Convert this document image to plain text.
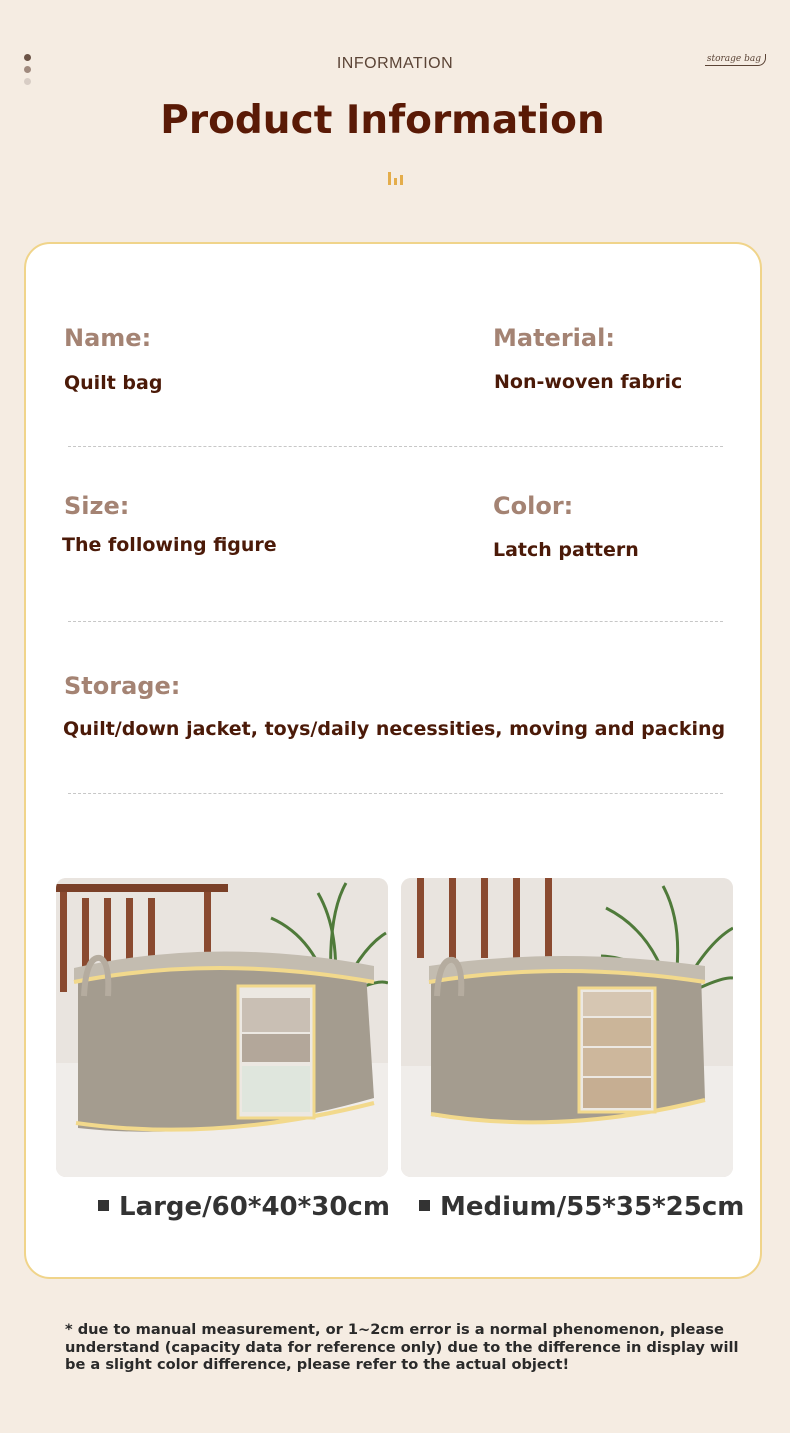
INFORMATION	storage bag
Product Information
Name:
Quilt bag
Material:
Non-woven fabric
Size:
The following figure
Color:
Latch pattern
Storage:
Quilt/down jacket, toys/daily necessities, moving and packing
Large/60*40*30cm	Medium/55*35*25cm

* due to manual measurement, or 1~2cm error is a normal phenomenon, please understand (capacity data for reference only) due to the difference in display will be a slight color difference, please refer to the actual object!
